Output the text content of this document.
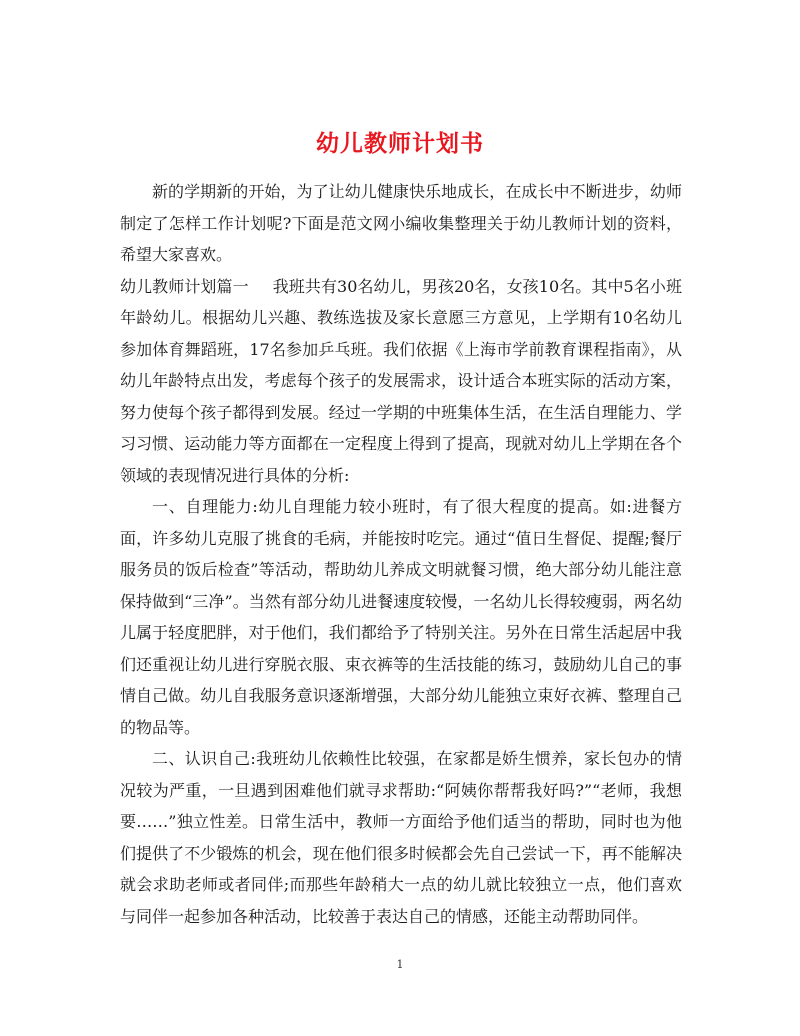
幼儿教师计划书

新的学期新的开始，为了让幼儿健康快乐地成长，在成长中不断进步，幼师制定了怎样工作计划呢?下面是范文网小编收集整理关于幼儿教师计划的资料，希望大家喜欢。

幼儿教师计划篇一 我班共有30名幼儿，男孩20名，女孩10名。其中5名小班年龄幼儿。根据幼儿兴趣、教练选拔及家长意愿三方意见，上学期有10名幼儿参加体育舞蹈班，17名参加乒乓班。我们依据《上海市学前教育课程指南》，从幼儿年龄特点出发，考虑每个孩子的发展需求，设计适合本班实际的活动方案，努力使每个孩子都得到发展。经过一学期的中班集体生活，在生活自理能力、学习习惯、运动能力等方面都在一定程度上得到了提高，现就对幼儿上学期在各个领域的表现情况进行具体的分析:

一、自理能力:幼儿自理能力较小班时，有了很大程度的提高。如:进餐方面，许多幼儿克服了挑食的毛病，并能按时吃完。通过“值日生督促、提醒;餐厅服务员的饭后检查”等活动，帮助幼儿养成文明就餐习惯，绝大部分幼儿能注意保持做到“三净”。当然有部分幼儿进餐速度较慢，一名幼儿长得较瘦弱，两名幼儿属于轻度肥胖，对于他们，我们都给予了特别关注。另外在日常生活起居中我们还重视让幼儿进行穿脱衣服、束衣裤等的生活技能的练习，鼓励幼儿自己的事情自己做。幼儿自我服务意识逐渐增强，大部分幼儿能独立束好衣裤、整理自己的物品等。

二、认识自己:我班幼儿依赖性比较强，在家都是娇生惯养，家长包办的情况较为严重，一旦遇到困难他们就寻求帮助:“阿姨你帮帮我好吗?”“老师，我想要……”独立性差。日常生活中，教师一方面给予他们适当的帮助，同时也为他们提供了不少锻炼的机会，现在他们很多时候都会先自己尝试一下，再不能解决就会求助老师或者同伴;而那些年龄稍大一点的幼儿就比较独立一点，他们喜欢与同伴一起参加各种活动，比较善于表达自己的情感，还能主动帮助同伴。

1
